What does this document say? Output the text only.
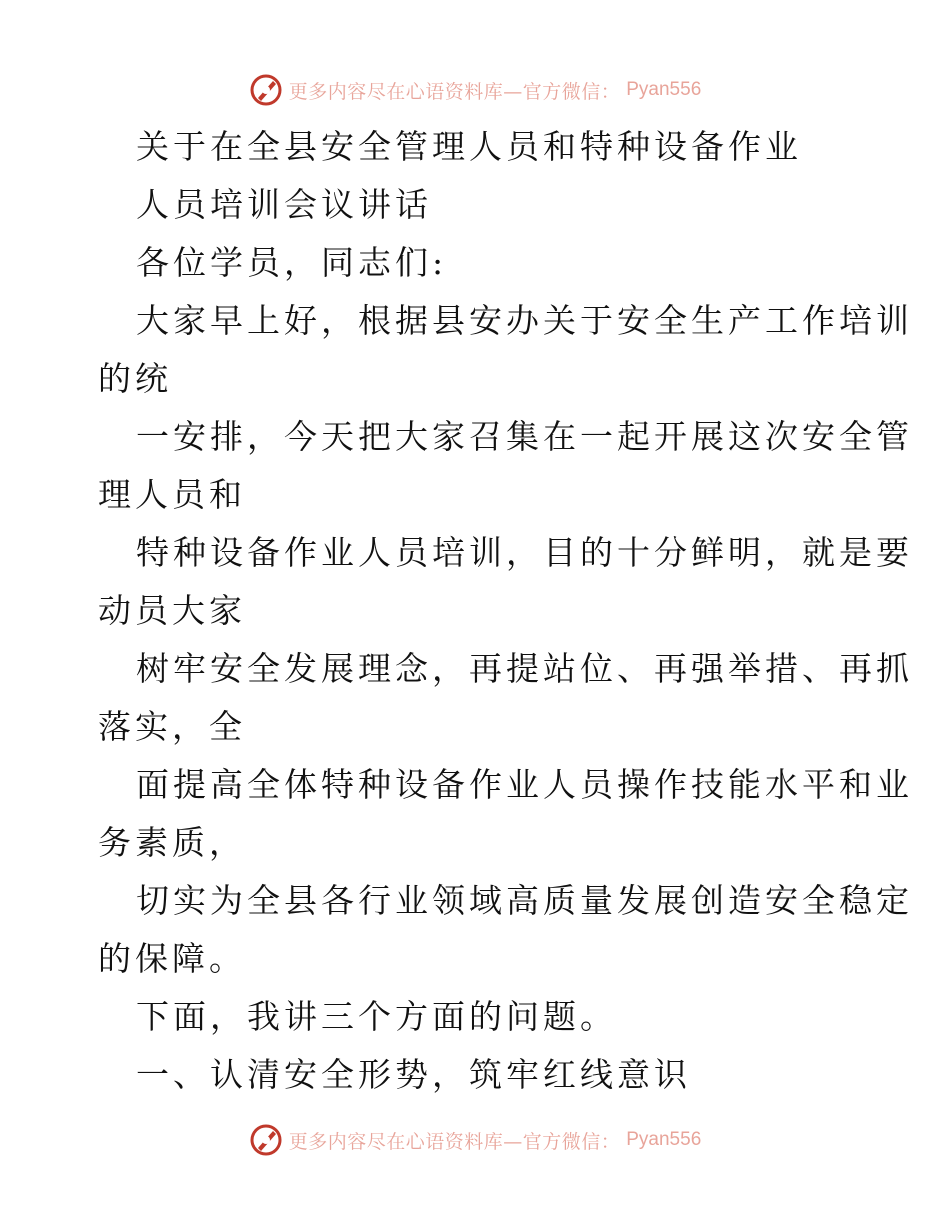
更多内容尽在心语资料库—官方微信： Pyan556
关于在全县安全管理人员和特种设备作业
人员培训会议讲话
各位学员，同志们:
大家早上好，根据县安办关于安全生产工作培训
的统
一安排，今天把大家召集在一起开展这次安全管
理人员和
特种设备作业人员培训，目的十分鲜明，就是要
动员大家
树牢安全发展理念，再提站位、再强举措、再抓
落实，全
面提高全体特种设备作业人员操作技能水平和业
务素质，
切实为全县各行业领域高质量发展创造安全稳定
的保障。
下面，我讲三个方面的问题。
一、认清安全形势，筑牢红线意识
更多内容尽在心语资料库—官方微信： Pyan556
